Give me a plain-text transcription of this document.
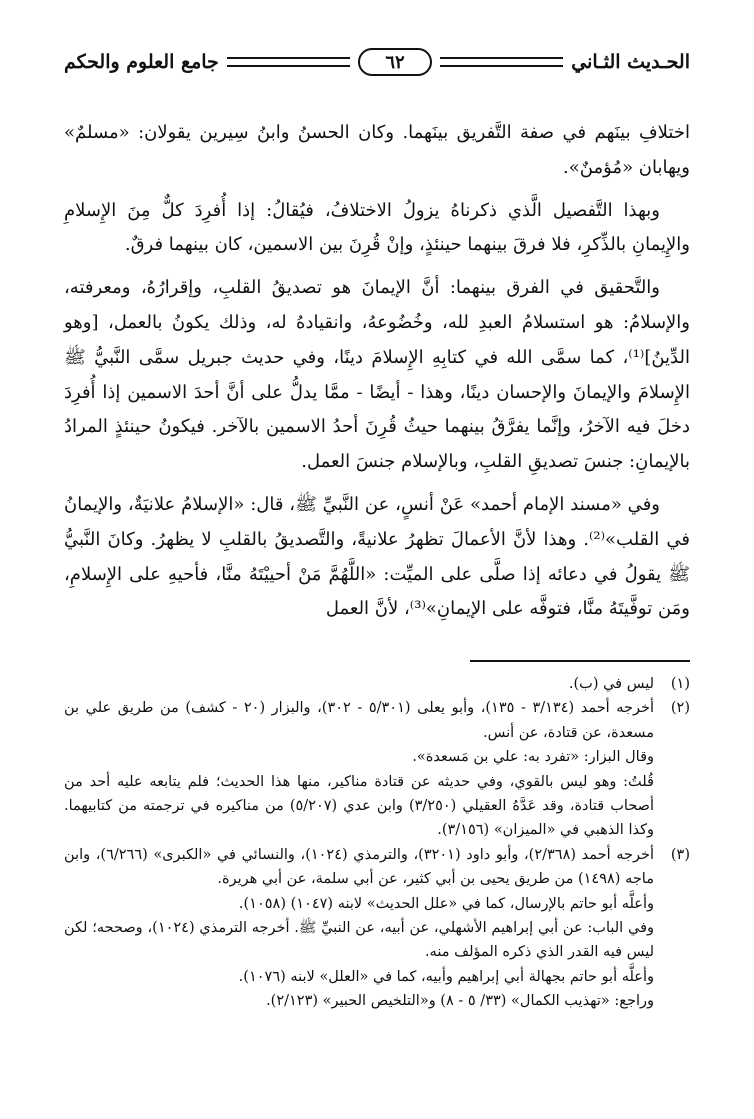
الحـديث الثـاني
٦٢
جامع العلوم والحكم

اختلافِ بينَهم في صفة التَّفريق بينَهما. وكان الحسنُ وابنُ سِيرين يقولان: «مسلمٌ» ويهابان «مُؤمنٌ».

وبهذا التَّفصيل الَّذي ذكرناهُ يزولُ الاختلافُ، فيُقالُ: إذا أُفرِدَ كلٌّ مِنَ الإِسلامِ والإِيمانِ بالذِّكرِ، فلا فرقَ بينهما حينئذٍ، وإنْ قُرِنَ بين الاسمين، كان بينهما فرقٌ.

والتَّحقيق في الفرق بينهما: أنَّ الإيمانَ هو تصديقُ القلبِ، وإقرارُهُ، ومعرفته، والإسلامُ: هو استسلامُ العبدِ لله، وخُضُوعهُ، وانقيادهُ له، وذلك يكونُ بالعمل، [وهو الدِّينُ]⁽¹⁾، كما سمَّى الله في كتابِهِ الإِسلامَ دينًا، وفي حديث جبريل سمَّى النَّبيُّ ﷺ الإِسلامَ والإيمانَ والإحسان دينًا، وهذا - أيضًا - ممَّا يدلُّ على أنَّ أحدَ الاسمين إذا أُفرِدَ دخلَ فيه الآخرُ، وإنَّما يفرَّقُ بينهما حيثُ قُرِنَ أحدُ الاسمين بالآخر. فيكونُ حينئذٍ المرادُ بالإيمانِ: جنسَ تصديقِ القلبِ، وبالإسلام جنسَ العمل.

وفي «مسند الإمام أحمد» عَنْ أنسٍ، عن النَّبيِّ ﷺ، قال: «الإسلامُ علانيَةٌ، والإيمانُ في القلب»⁽²⁾. وهذا لأنَّ الأعمالَ تظهرُ علانيةً، والتَّصديقُ بالقلبِ لا يظهرُ. وكانَ النَّبيُّ ﷺ يقولُ في دعائه إذا صلَّى على الميِّت: «اللَّهُمَّ مَنْ أحييْتَهُ منَّا، فأحيهِ على الإِسلامِ، ومَن توفَّيتَهُ منَّا، فتوفَّه على الإيمانِ»⁽³⁾، لأنَّ العمل

(١)
ليس في (ب).
(٢)
أخرجه أحمد (٣/١٣٤ - ١٣٥)، وأبو يعلى (٥/٣٠١ - ٣٠٢)، والبزار (٢٠ - كشف) من طريق علي بن مسعدة، عن قتادة، عن أنس.
وقال البزار: «تفرد به: علي بن مَسعدة».
قُلتُ: وهو ليس بالقوي، وفي حديثه عن قتادة مناكير، منها هذا الحديث؛ فلم يتابعه عليه أحد من أصحاب قتادة، وقد عَدَّهُ العقيلي (٣/٢٥٠) وابن عدي (٥/٢٠٧) من مناكيره في ترجمته من كتابيهما. وكذا الذهبي في «الميزان» (٣/١٥٦).
(٣)
أخرجه أحمد (٢/٣٦٨)، وأبو داود (٣٢٠١)، والترمذي (١٠٢٤)، والنسائي في «الكبرى» (٦/٢٦٦)، وابن ماجه (١٤٩٨) من طريق يحيى بن أبي كثير، عن أبي سلمة، عن أبي هريرة.
وأعلَّه أبو حاتم بالإرسال، كما في «علل الحديث» لابنه (١٠٤٧) (١٠٥٨).
وفي الباب: عن أبي إبراهيم الأشهلي، عن أبيه، عن النبيِّ ﷺ. أخرجه الترمذي (١٠٢٤)، وصححه؛ لكن ليس فيه القدر الذي ذكره المؤلف منه.
وأعلَّه أبو حاتم بجهالة أبي إبراهيم وأبيه، كما في «العلل» لابنه (١٠٧٦).
وراجع: «تهذيب الكمال» (٣٣/ ٥ - ٨) و«التلخيص الحبير» (٢/١٢٣).
